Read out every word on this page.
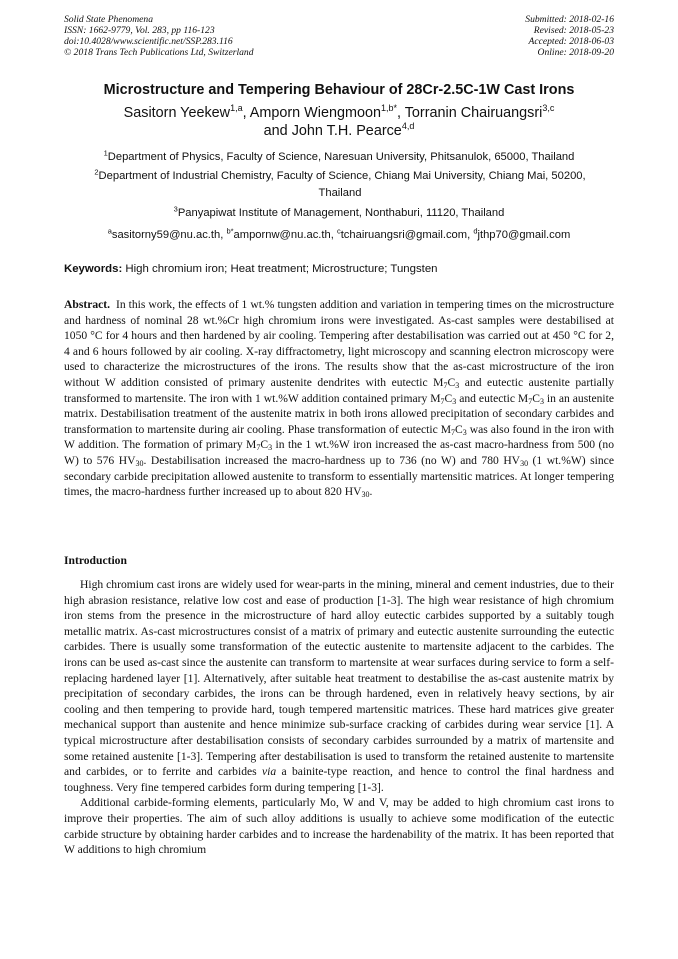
Solid State Phenomena
ISSN: 1662-9779, Vol. 283, pp 116-123
doi:10.4028/www.scientific.net/SSP.283.116
© 2018 Trans Tech Publications Ltd, Switzerland
Submitted: 2018-02-16
Revised: 2018-05-23
Accepted: 2018-06-03
Online: 2018-09-20
Microstructure and Tempering Behaviour of 28Cr-2.5C-1W Cast Irons
Sasitorn Yeekew$^{1,a}$, Amporn Wiengmoon$^{1,b*}$, Torranin Chairuangsri$^{3,c}$
and John T.H. Pearce$^{4,d}$
$^1$Department of Physics, Faculty of Science, Naresuan University, Phitsanulok, 65000, Thailand
$^2$Department of Industrial Chemistry, Faculty of Science, Chiang Mai University, Chiang Mai, 50200, Thailand
$^3$Panyapiwat Institute of Management, Nonthaburi, 11120, Thailand
$^a$sasitorny59@nu.ac.th, $^{b*}$ampornw@nu.ac.th, $^c$tchairuangsri@gmail.com, $^d$jthp70@gmail.com
Keywords: High chromium iron; Heat treatment; Microstructure; Tungsten
Abstract. In this work, the effects of 1 wt.% tungsten addition and variation in tempering times on the microstructure and hardness of nominal 28 wt.%Cr high chromium irons were investigated. As-cast samples were destabilised at 1050 °C for 4 hours and then hardened by air cooling. Tempering after destabilisation was carried out at 450 °C for 2, 4 and 6 hours followed by air cooling. X-ray diffractometry, light microscopy and scanning electron microscopy were used to characterize the microstructures of the irons. The results show that the as-cast microstructure of the iron without W addition consisted of primary austenite dendrites with eutectic $M_7C_3$ and eutectic austenite partially transformed to martensite. The iron with 1 wt.%W addition contained primary $M_7C_3$ and eutectic $M_7C_3$ in an austenite matrix. Destabilisation treatment of the austenite matrix in both irons allowed precipitation of secondary carbides and transformation to martensite during air cooling. Phase transformation of eutectic $M_7C_3$ was also found in the iron with W addition. The formation of primary $M_7C_3$ in the 1 wt.%W iron increased the as-cast macro-hardness from 500 (no W) to 576 $HV_{30}$. Destabilisation increased the macro-hardness up to 736 (no W) and 780 $HV_{30}$ (1 wt.%W) since secondary carbide precipitation allowed austenite to transform to essentially martensitic matrices. At longer tempering times, the macro-hardness further increased up to about 820 $HV_{30}$.
Introduction

High chromium cast irons are widely used for wear-parts in the mining, mineral and cement industries, due to their high abrasion resistance, relative low cost and ease of production [1-3]. The high wear resistance of high chromium iron stems from the presence in the microstructure of hard alloy eutectic carbides supported by a suitably tough metallic matrix. As-cast microstructures consist of a matrix of primary and eutectic austenite surrounding the eutectic carbides. There is usually some transformation of the eutectic austenite to martensite adjacent to the carbides. The irons can be used as-cast since the austenite can transform to martensite at wear surfaces during service to form a self-replacing hardened layer [1]. Alternatively, after suitable heat treatment to destabilise the as-cast austenite matrix by precipitation of secondary carbides, the irons can be through hardened, even in relatively heavy sections, by air cooling and then tempering to provide hard, tough tempered martensitic matrices. These hard matrices give greater mechanical support than austenite and hence minimize sub-surface cracking of carbides during wear service [1]. A typical microstructure after destabilisation consists of secondary carbides surrounded by a matrix of martensite and some retained austenite [1-3]. Tempering after destabilisation is used to transform the retained austenite to martensite and carbides, or to ferrite and carbides via a bainite-type reaction, and hence to control the final hardness and toughness. Very fine tempered carbides form during tempering [1-3].

Additional carbide-forming elements, particularly Mo, W and V, may be added to high chromium cast irons to improve their properties. The aim of such alloy additions is usually to achieve some modification of the eutectic carbide structure by obtaining harder carbides and to increase the hardenability of the matrix. It has been reported that W additions to high chromium
